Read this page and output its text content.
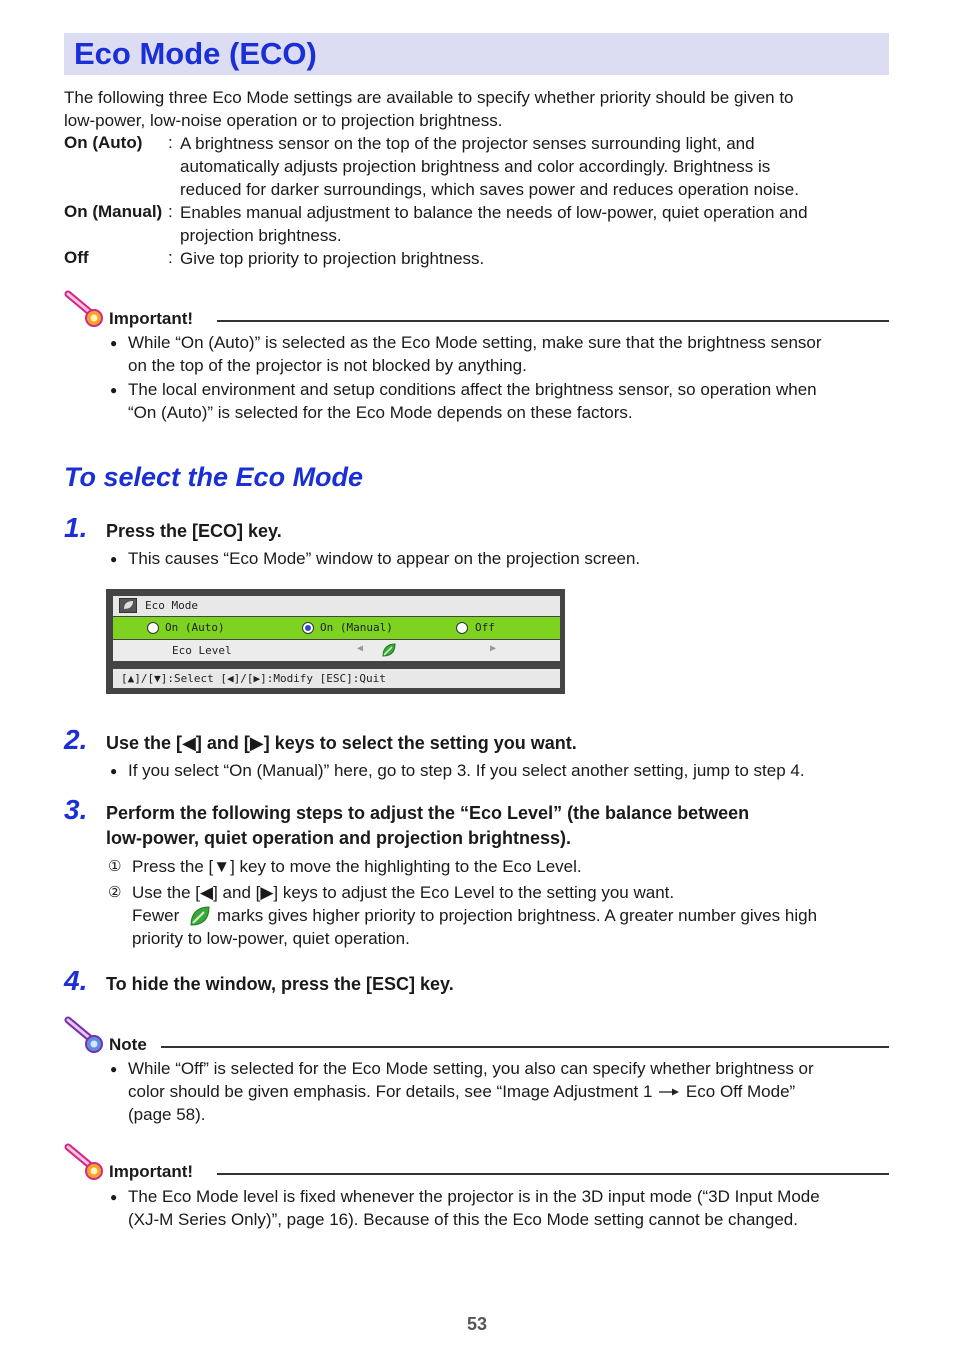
Eco Mode (ECO)
The following three Eco Mode settings are available to specify whether priority should be given to
low-power, low-noise operation or to projection brightness.
On (Auto) : A brightness sensor on the top of the projector senses surrounding light, and
automatically adjusts projection brightness and color accordingly. Brightness is
reduced for darker surroundings, which saves power and reduces operation noise.
On (Manual) : Enables manual adjustment to balance the needs of low-power, quiet operation and
projection brightness.
Off	: Give top priority to projection brightness.
Important!
● While “On (Auto)” is selected as the Eco Mode setting, make sure that the brightness sensor
on the top of the projector is not blocked by anything.
● The local environment and setup conditions affect the brightness sensor, so operation when
“On (Auto)” is selected for the Eco Mode depends on these factors.
To select the Eco Mode
1. Press the [ECO] key.
● This causes “Eco Mode” window to appear on the projection screen.
Eco Mode
On (Auto)	On (Manual)	Off
Eco Level	◀	▶
[▲]/[▼]:Select [◀]/[▶]:Modify [ESC]:Quit
2. Use the [◀] and [▶] keys to select the setting you want.
● If you select “On (Manual)” here, go to step 3. If you select another setting, jump to step 4.
3. Perform the following steps to adjust the “Eco Level” (the balance between
low-power, quiet operation and projection brightness).
① Press the [▼] key to move the highlighting to the Eco Level.
② Use the [◀] and [▶] keys to adjust the Eco Level to the setting you want.
Fewer marks gives higher priority to projection brightness. A greater number gives high
priority to low-power, quiet operation.
4. To hide the window, press the [ESC] key.
Note
● While “Off” is selected for the Eco Mode setting, you also can specify whether brightness or
color should be given emphasis. For details, see “Image Adjustment 1 Eco Off Mode”
(page 58).
Important!
● The Eco Mode level is fixed whenever the projector is in the 3D input mode (“3D Input Mode
(XJ-M Series Only)”, page 16). Because of this the Eco Mode setting cannot be changed.
53
